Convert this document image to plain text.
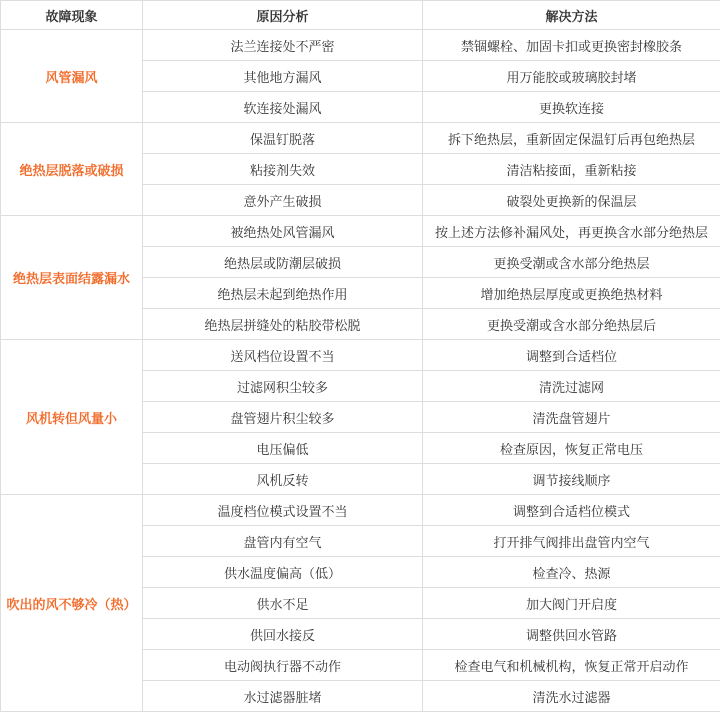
故障现象	原因分析	解决方法
风管漏风	法兰连接处不严密	禁锢螺栓、加固卡扣或更换密封橡胶条
	其他地方漏风	用万能胶或玻璃胶封堵
	软连接处漏风	更换软连接
绝热层脱落或破损	保温钉脱落	拆下绝热层，重新固定保温钉后再包绝热层
	粘接剂失效	清洁粘接面，重新粘接
	意外产生破损	破裂处更换新的保温层
绝热层表面结露漏水	被绝热处风管漏风	按上述方法修补漏风处，再更换含水部分绝热层
	绝热层或防潮层破损	更换受潮或含水部分绝热层
	绝热层未起到绝热作用	增加绝热层厚度或更换绝热材料
	绝热层拼缝处的粘胶带松脱	更换受潮或含水部分绝热层后
风机转但风量小	送风档位设置不当	调整到合适档位
	过滤网积尘较多	清洗过滤网
	盘管翅片积尘较多	清洗盘管翅片
	电压偏低	检查原因，恢复正常电压
	风机反转	调节接线顺序
吹出的风不够冷（热）	温度档位模式设置不当	调整到合适档位模式
	盘管内有空气	打开排气阀排出盘管内空气
	供水温度偏高（低）	检查冷、热源
	供水不足	加大阀门开启度
	供回水接反	调整供回水管路
	电动阀执行器不动作	检查电气和机械机构，恢复正常开启动作
	水过滤器脏堵	清洗水过滤器
